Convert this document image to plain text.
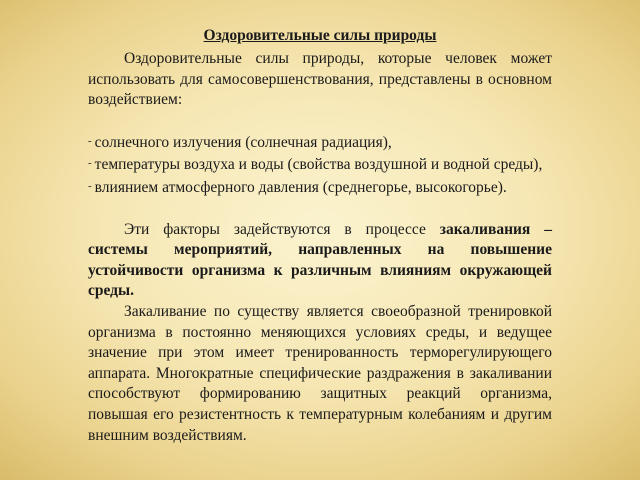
Оздоровительные силы природы

Оздоровительные силы природы, которые человек может использовать для самосовершенствования, представлены в основном воздействием:

- солнечного излучения (солнечная радиация),
- температуры воздуха и воды (свойства воздушной и водной среды),
- влиянием атмосферного давления (среднегорье, высокогорье).

Эти факторы задействуются в процессе закаливания – системы мероприятий, направленных на повышение устойчивости организма к различным влияниям окружающей среды.

Закаливание по существу является своеобразной тренировкой организма в постоянно меняющихся условиях среды, и ведущее значение при этом имеет тренированность терморегулирующего аппарата. Многократные специфические раздражения в закаливании способствуют формированию защитных реакций организма, повышая его резистентность к температурным колебаниям и другим внешним воздействиям.
